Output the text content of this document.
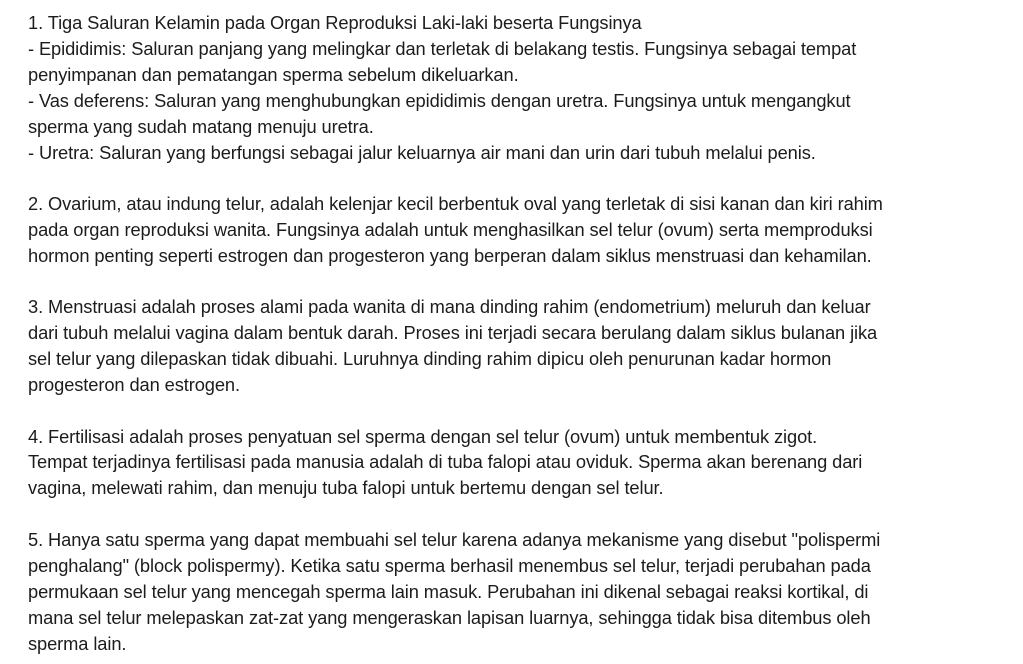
1. Tiga Saluran Kelamin pada Organ Reproduksi Laki-laki beserta Fungsinya
- Epididimis: Saluran panjang yang melingkar dan terletak di belakang testis. Fungsinya sebagai tempat
penyimpanan dan pematangan sperma sebelum dikeluarkan.
- Vas deferens: Saluran yang menghubungkan epididimis dengan uretra. Fungsinya untuk mengangkut
sperma yang sudah matang menuju uretra.
- Uretra: Saluran yang berfungsi sebagai jalur keluarnya air mani dan urin dari tubuh melalui penis.
2. Ovarium, atau indung telur, adalah kelenjar kecil berbentuk oval yang terletak di sisi kanan dan kiri rahim
pada organ reproduksi wanita. Fungsinya adalah untuk menghasilkan sel telur (ovum) serta memproduksi
hormon penting seperti estrogen dan progesteron yang berperan dalam siklus menstruasi dan kehamilan.
3. Menstruasi adalah proses alami pada wanita di mana dinding rahim (endometrium) meluruh dan keluar
dari tubuh melalui vagina dalam bentuk darah. Proses ini terjadi secara berulang dalam siklus bulanan jika
sel telur yang dilepaskan tidak dibuahi. Luruhnya dinding rahim dipicu oleh penurunan kadar hormon
progesteron dan estrogen.
4. Fertilisasi adalah proses penyatuan sel sperma dengan sel telur (ovum) untuk membentuk zigot.
Tempat terjadinya fertilisasi pada manusia adalah di tuba falopi atau oviduk. Sperma akan berenang dari
vagina, melewati rahim, dan menuju tuba falopi untuk bertemu dengan sel telur.
5. Hanya satu sperma yang dapat membuahi sel telur karena adanya mekanisme yang disebut "polispermi
penghalang" (block polispermy). Ketika satu sperma berhasil menembus sel telur, terjadi perubahan pada
permukaan sel telur yang mencegah sperma lain masuk. Perubahan ini dikenal sebagai reaksi kortikal, di
mana sel telur melepaskan zat-zat yang mengeraskan lapisan luarnya, sehingga tidak bisa ditembus oleh
sperma lain.
